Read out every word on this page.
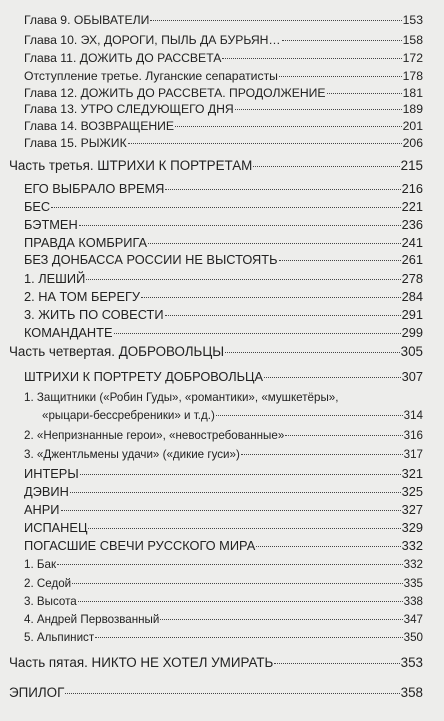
Глава 9. ОБЫВАТЕЛИ	153
Глава 10. ЭХ, ДОРОГИ, ПЫЛЬ ДА БУРЬЯН…	158
Глава 11. ДОЖИТЬ ДО РАССВЕТА	172
Отступление третье. Луганские сепаратисты	178
Глава 12. ДОЖИТЬ ДО РАССВЕТА. ПРОДОЛЖЕНИЕ	181
Глава 13. УТРО СЛЕДУЮЩЕГО ДНЯ	189
Глава 14. ВОЗВРАЩЕНИЕ	201
Глава 15. РЫЖИК	206
Часть третья. ШТРИХИ К ПОРТРЕТАМ	215
ЕГО ВЫБРАЛО ВРЕМЯ	216
БЕС	221
БЭТМЕН	236
ПРАВДА КОМБРИГА	241
БЕЗ ДОНБАССА РОССИИ НЕ ВЫСТОЯТЬ	261
1. ЛЕШИЙ	278
2. НА ТОМ БЕРЕГУ	284
3. ЖИТЬ ПО СОВЕСТИ	291
КОМАНДАНТЕ	299
Часть четвертая. ДОБРОВОЛЬЦЫ	305
ШТРИХИ К ПОРТРЕТУ ДОБРОВОЛЬЦА	307
1. Защитники («Робин Гуды», «романтики», «мушкетёры»,
«рыцари-бессребреники» и т.д.)	314
2. «Непризнанные герои», «невостребованные»	316
3. «Джентльмены удачи» («дикие гуси»)	317
ИНТЕРЫ	321
ДЭВИН	325
АНРИ	327
ИСПАНЕЦ	329
ПОГАСШИЕ СВЕЧИ РУССКОГО МИРА	332
1. Бак	332
2. Седой	335
3. Высота	338
4. Андрей Первозванный	347
5. Альпинист	350
Часть пятая. НИКТО НЕ ХОТЕЛ УМИРАТЬ	353
ЭПИЛОГ	358
